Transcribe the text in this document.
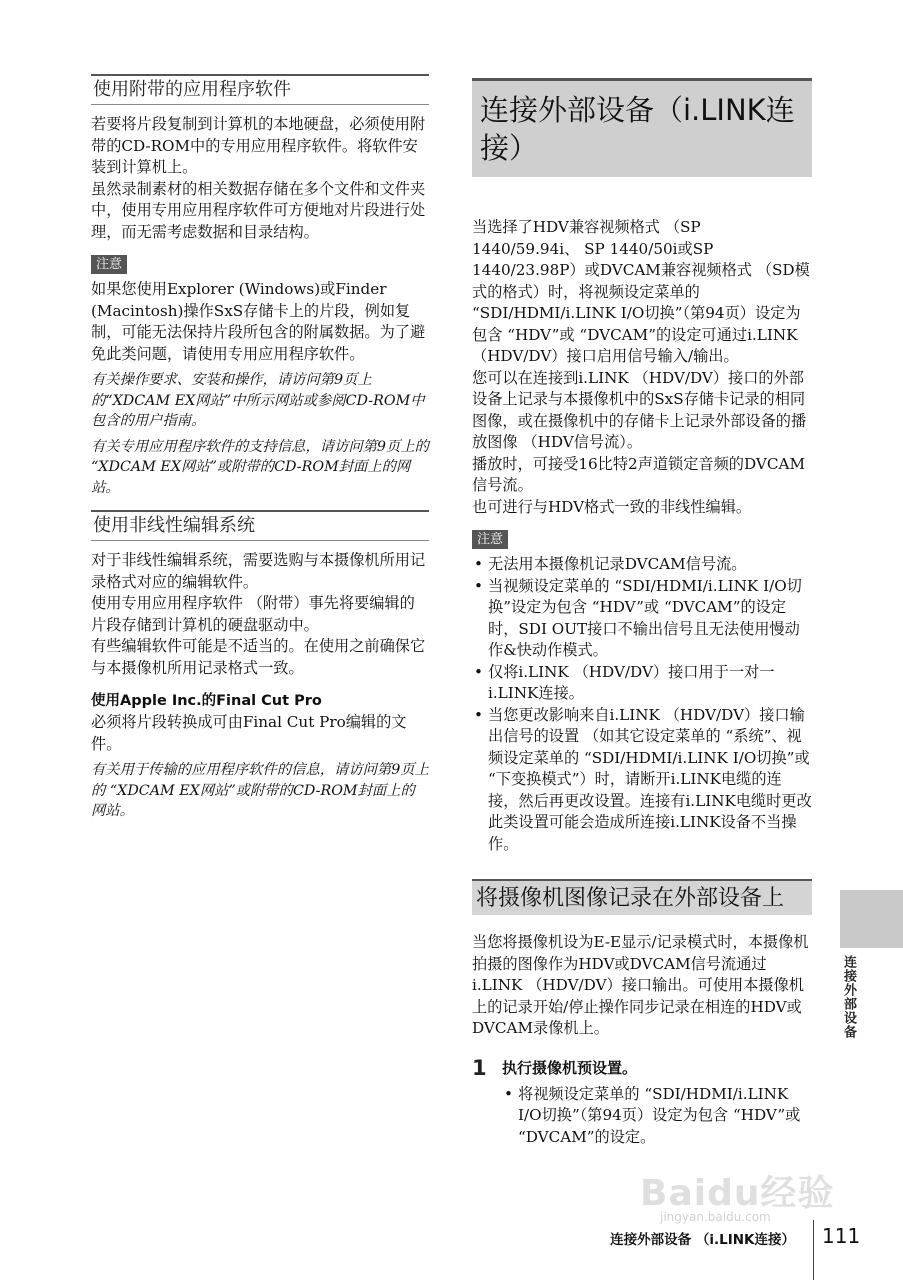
使用附带的应用程序软件

若要将片段复制到计算机的本地硬盘，必须使用附带的CD-ROM中的专用应用程序软件。将软件安装到计算机上。

虽然录制素材的相关数据存储在多个文件和文件夹中，使用专用应用程序软件可方便地对片段进行处理，而无需考虑数据和目录结构。

注意

如果您使用Explorer (Windows)或Finder (Macintosh)操作SxS存储卡上的片段，例如复制，可能无法保持片段所包含的附属数据。为了避免此类问题，请使用专用应用程序软件。

有关操作要求、安装和操作，请访问第9页上的“XDCAM EX网站”中所示网站或参阅CD-ROM中包含的用户指南。

有关专用应用程序软件的支持信息，请访问第9页上的 “XDCAM EX网站”或附带的CD-ROM封面上的网站。

使用非线性编辑系统

对于非线性编辑系统，需要选购与本摄像机所用记录格式对应的编辑软件。

使用专用应用程序软件 （附带）事先将要编辑的片段存储到计算机的硬盘驱动中。

有些编辑软件可能是不适当的。在使用之前确保它与本摄像机所用记录格式一致。

使用Apple Inc.的Final Cut Pro

必须将片段转换成可由Final Cut Pro编辑的文件。

有关用于传输的应用程序软件的信息，请访问第9页上的 “XDCAM EX网站”或附带的CD-ROM封面上的网站。

连接外部设备（i.LINK连接）

当选择了HDV兼容视频格式 （SP 1440/59.94i、 SP 1440/50i或SP 1440/23.98P）或DVCAM兼容视频格式 （SD模式的格式）时，将视频设定菜单的 “SDI/HDMI/i.LINK I/O切换”（第94页）设定为包含 “HDV”或 “DVCAM”的设定可通过i.LINK （HDV/DV）接口启用信号输入/输出。

您可以在连接到i.LINK （HDV/DV）接口的外部设备上记录与本摄像机中的SxS存储卡记录的相同图像，或在摄像机中的存储卡上记录外部设备的播放图像 （HDV信号流）。

播放时，可接受16比特2声道锁定音频的DVCAM信号流。

也可进行与HDV格式一致的非线性编辑。

注意
• 无法用本摄像机记录DVCAM信号流。
• 当视频设定菜单的 “SDI/HDMI/i.LINK I/O切换”设定为包含 “HDV”或 “DVCAM”的设定时，SDI OUT接口不输出信号且无法使用慢动作&快动作模式。
• 仅将i.LINK （HDV/DV）接口用于一对一i.LINK连接。
• 当您更改影响来自i.LINK （HDV/DV）接口输出信号的设置 （如其它设定菜单的 “系统”、视频设定菜单的 “SDI/HDMI/i.LINK I/O切换”或 “下变换模式”）时，请断开i.LINK电缆的连接，然后再更改设置。连接有i.LINK电缆时更改此类设置可能会造成所连接i.LINK设备不当操作。
将摄像机图像记录在外部设备上

当您将摄像机设为E-E显示/记录模式时，本摄像机拍摄的图像作为HDV或DVCAM信号流通过i.LINK （HDV/DV）接口输出。可使用本摄像机上的记录开始/停止操作同步记录在相连的HDV或DVCAM录像机上。

1	执行摄像机预设置。
• 将视频设定菜单的 “SDI/HDMI/i.LINK I/O切换”（第94页）设定为包含 “HDV”或 “DVCAM”的设定。
连接外部设备
Baidu经验
jingyan.baidu.com
连接外部设备 （i.LINK连接） 111
